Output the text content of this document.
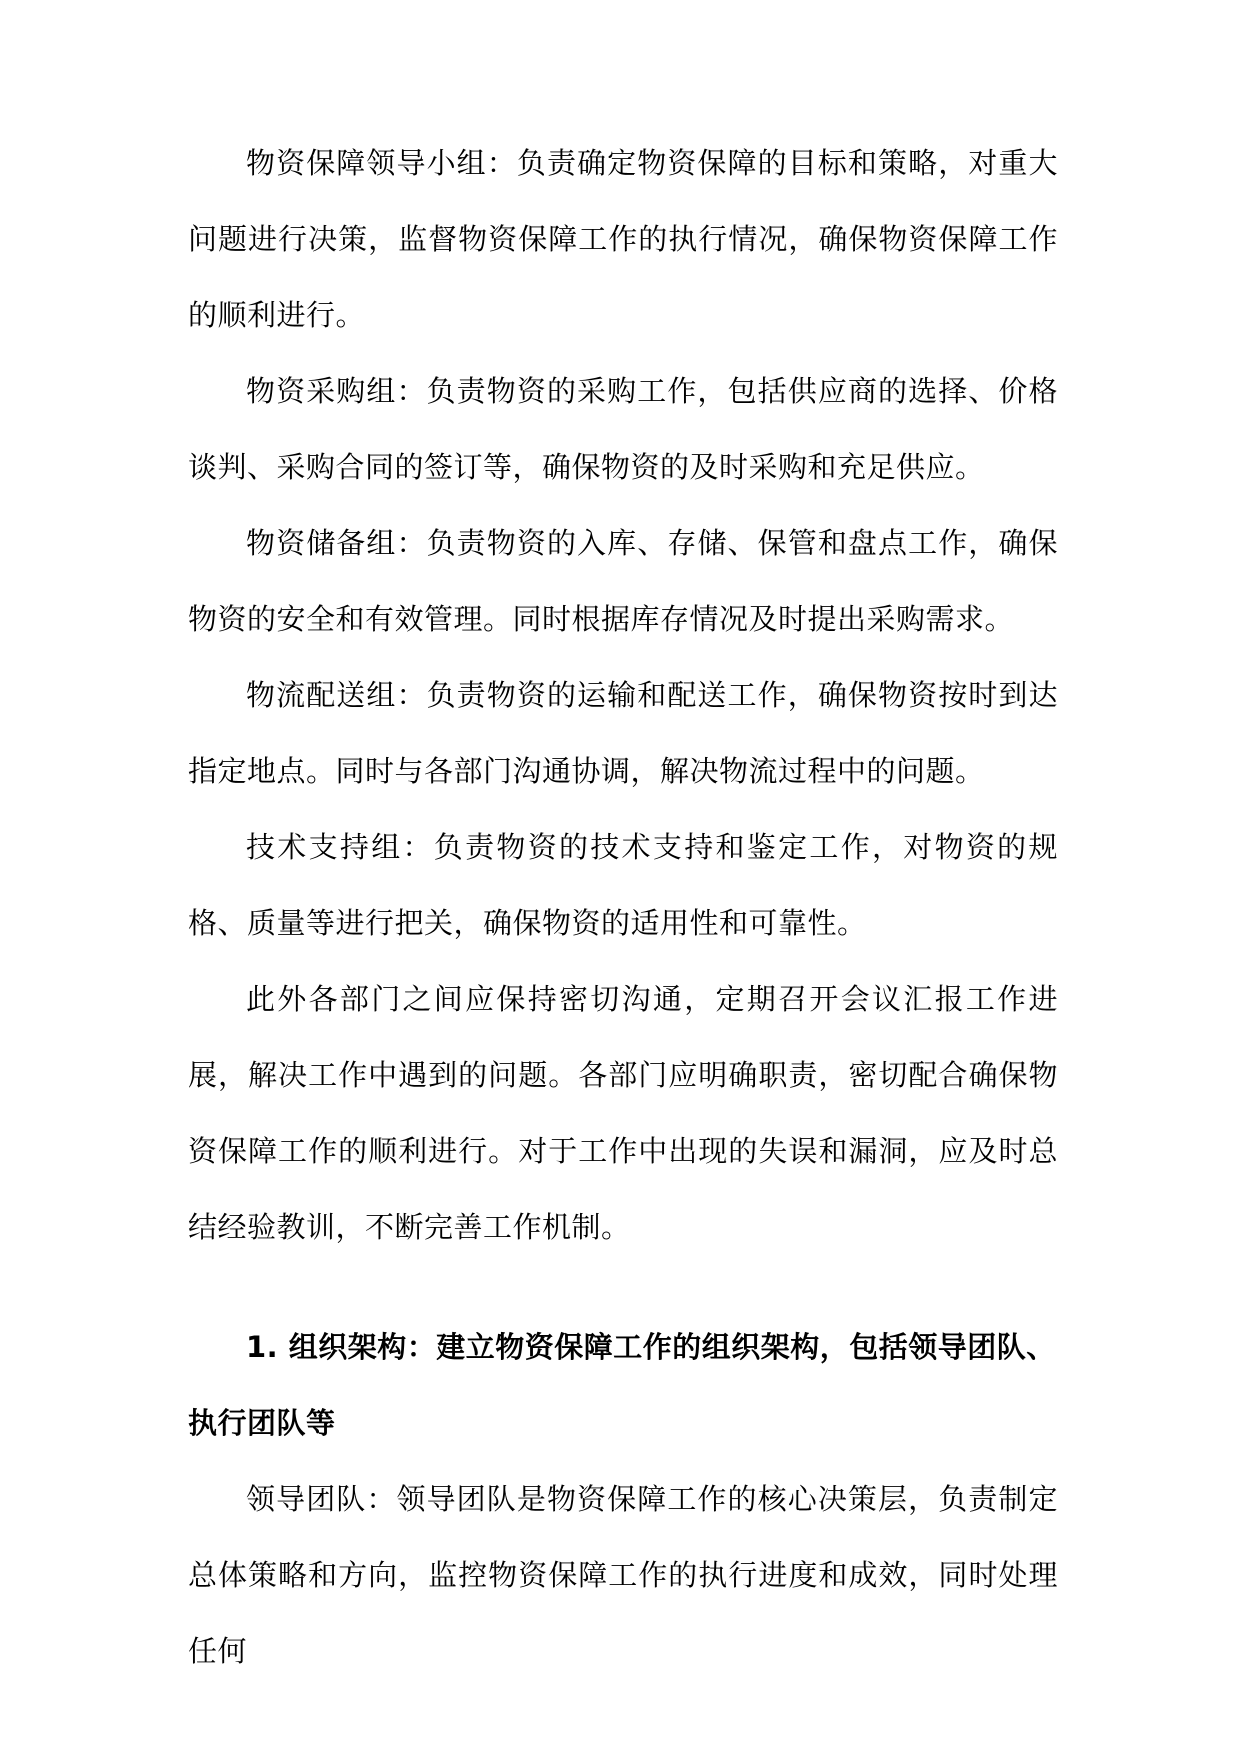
物资保障领导小组：负责确定物资保障的目标和策略，对重大问题进行决策，监督物资保障工作的执行情况，确保物资保障工作的顺利进行。

物资采购组：负责物资的采购工作，包括供应商的选择、价格谈判、采购合同的签订等，确保物资的及时采购和充足供应。

物资储备组：负责物资的入库、存储、保管和盘点工作，确保物资的安全和有效管理。同时根据库存情况及时提出采购需求。

物流配送组：负责物资的运输和配送工作，确保物资按时到达指定地点。同时与各部门沟通协调，解决物流过程中的问题。

技术支持组：负责物资的技术支持和鉴定工作，对物资的规格、质量等进行把关，确保物资的适用性和可靠性。

此外各部门之间应保持密切沟通，定期召开会议汇报工作进展，解决工作中遇到的问题。各部门应明确职责，密切配合确保物资保障工作的顺利进行。对于工作中出现的失误和漏洞，应及时总结经验教训，不断完善工作机制。

1. 组织架构：建立物资保障工作的组织架构，包括领导团队、执行团队等

领导团队：领导团队是物资保障工作的核心决策层，负责制定总体策略和方向，监控物资保障工作的执行进度和成效，同时处理任何
